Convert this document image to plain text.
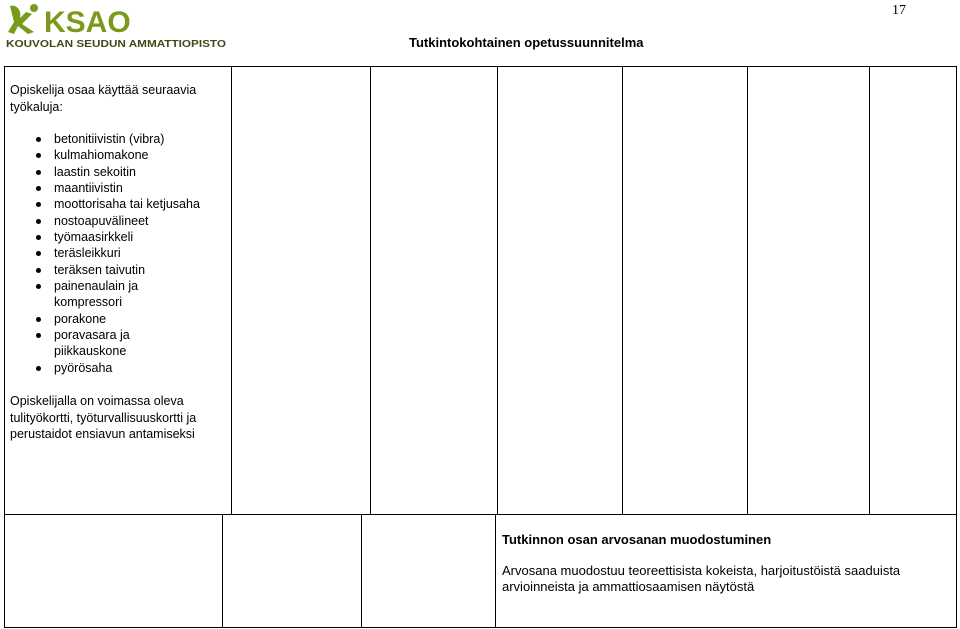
KSAO
KOUVOLAN SEUDUN AMMATTIOPISTO	Tutkintokohtainen opetussuunnitelma
17
Opiskelija osaa käyttää seuraavia työkaluja:
betonitiivistin (vibra)
kulmahiomakone
laastin sekoitin
maantiivistin
moottorisaha tai ketjusaha
nostoapuvälineet
työmaasirkkeli
teräsleikkuri
teräksen taivutin
painenaulain ja kompressori
porakone
poravasara ja piikkauskone
pyörösaha
Opiskelijalla on voimassa oleva tulityökortti, työturvallisuuskortti ja perustaidot ensiavun antamiseksi
Tutkinnon osan arvosanan muodostuminen
Arvosana muodostuu teoreettisista kokeista, harjoitustöistä saaduista arvioinneista ja ammattiosaamisen näytöstä
